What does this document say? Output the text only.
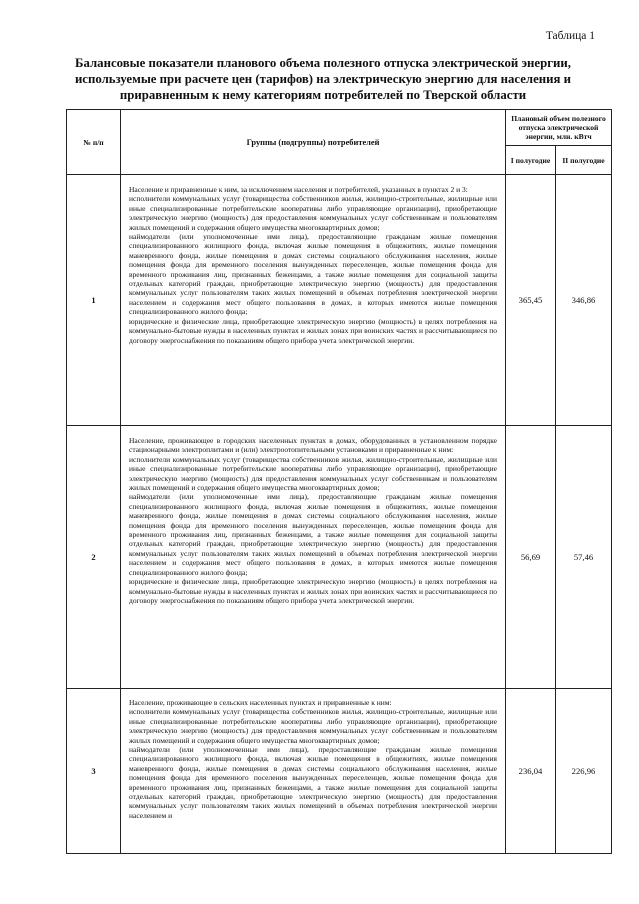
Таблица 1
Балансовые показатели планового объема полезного отпуска электрической энергии, используемые при расчете цен (тарифов) на электрическую энергию для населения и приравненным к нему категориям потребителей по Тверской области
№ п/п	Группы (подгруппы) потребителей	Плановый объем полезного отпуска электрической энергии, млн. кВтч	
		I полугодие	II полугодие
1	Население и приравненные к ним, за исключением населения и потребителей, указанных в пунктах 2 и 3:

исполнители коммунальных услуг (товарищества собственников жилья, жилищно-строительные, жилищные или иные специализированные потребительские кооперативы либо управляющие организации), приобретающие электрическую энергию (мощность) для предоставления коммунальных услуг собственникам и пользователям жилых помещений и содержания общего имущества многоквартирных домов;

наймодатели (или уполномоченные ими лица), предоставляющие гражданам жилые помещения специализированного жилищного фонда, включая жилые помещения в общежитиях, жилые помещения маневренного фонда, жилые помещения в домах системы социального обслуживания населения, жилые помещения фонда для временного поселения вынужденных переселенцев, жилые помещения фонда для временного проживания лиц, признанных беженцами, а также жилые помещения для социальной защиты отдельных категорий граждан, приобретающие электрическую энергию (мощность) для предоставления коммунальных услуг пользователям таких жилых помещений в объемах потребления электрической энергии населением и содержания мест общего пользования в домах, в которых имеются жилые помещения специализированного жилого фонда;

юридические и физические лица, приобретающие электрическую энергию (мощность) в целях потребления на коммунально-бытовые нужды в населенных пунктах и жилых зонах при воинских частях и рассчитывающиеся по договору энергоснабжения по показаниям общего прибора учета электрической энергии.	365,45	346,86
2	Население, проживающее в городских населенных пунктах в домах, оборудованных в установленном порядке стационарными электроплитами и (или) электроотопительными установками и приравненные к ним:

исполнители коммунальных услуг (товарищества собственников жилья, жилищно-строительные, жилищные или иные специализированные потребительские кооперативы либо управляющие организации), приобретающие электрическую энергию (мощность) для предоставления коммунальных услуг собственникам и пользователям жилых помещений и содержания общего имущества многоквартирных домов;

наймодатели (или уполномоченные ими лица), предоставляющие гражданам жилые помещения специализированного жилищного фонда, включая жилые помещения в общежитиях, жилые помещения маневренного фонда, жилые помещения в домах системы социального обслуживания населения, жилые помещения фонда для временного поселения вынужденных переселенцев, жилые помещения фонда для временного проживания лиц, признанных беженцами, а также жилые помещения для социальной защиты отдельных категорий граждан, приобретающие электрическую энергию (мощность) для предоставления коммунальных услуг пользователям таких жилых помещений в объемах потребления электрической энергии населением и содержания мест общего пользования в домах, в которых имеются жилые помещения специализированного жилого фонда;

юридические и физические лица, приобретающие электрическую энергию (мощность) в целях потребления на коммунально-бытовые нужды в населенных пунктах и жилых зонах при воинских частях и рассчитывающиеся по договору энергоснабжения по показаниям общего прибора учета электрической энергии.	56,69	57,46
3	Население, проживающее в сельских населенных пунктах и приравненные к ним:

исполнители коммунальных услуг (товарищества собственников жилья, жилищно-строительные, жилищные или иные специализированные потребительские кооперативы либо управляющие организации), приобретающие электрическую энергию (мощность) для предоставления коммунальных услуг собственникам и пользователям жилых помещений и содержания общего имущества многоквартирных домов;

наймодатели (или уполномоченные ими лица), предоставляющие гражданам жилые помещения специализированного жилищного фонда, включая жилые помещения в общежитиях, жилые помещения маневренного фонда, жилые помещения в домах системы социального обслуживания населения, жилые помещения фонда для временного поселения вынужденных переселенцев, жилые помещения фонда для временного проживания лиц, признанных беженцами, а также жилые помещения для социальной защиты отдельных категорий граждан, приобретающие электрическую энергию (мощность) для предоставления коммунальных услуг пользователям таких жилых помещений в объемах потребления электрической энергии населением и	236,04	226,96
